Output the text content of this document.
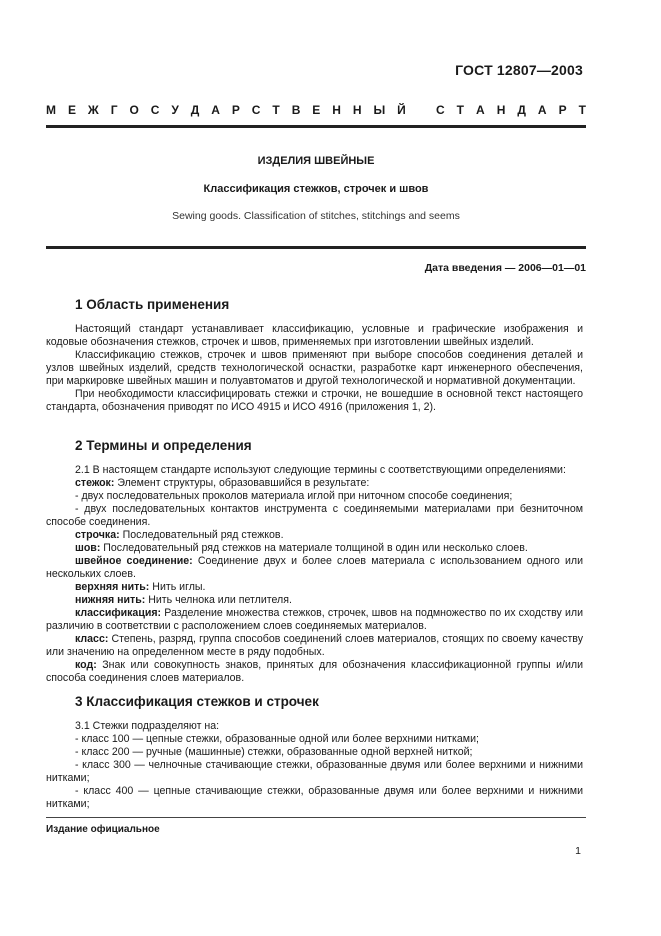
ГОСТ 12807—2003
М Е Ж Г О С У Д А Р С Т В Е Н Н Ы Й	С Т А Н Д А Р Т
ИЗДЕЛИЯ ШВЕЙНЫЕ
Классификация стежков, строчек и швов
Sewing goods. Classification of stitches, stitchings and seems
Дата введения — 2006—01—01
1 Область применения

Настоящий стандарт устанавливает классификацию, условные и графические изображения и кодовые обозначения стежков, строчек и швов, применяемых при изготовлении швейных изделий.

Классификацию стежков, строчек и швов применяют при выборе способов соединения деталей и узлов швейных изделий, средств технологической оснастки, разработке карт инженерного обеспечения, при маркировке швейных машин и полуавтоматов и другой технологической и нормативной документации.

При необходимости классифицировать стежки и строчки, не вошедшие в основной текст настоящего стандарта, обозначения приводят по ИСО 4915 и ИСО 4916 (приложения 1, 2).

2 Термины и определения

2.1 В настоящем стандарте используют следующие термины с соответствующими определениями:

стежок: Элемент структуры, образовавшийся в результате:

- двух последовательных проколов материала иглой при ниточном способе соединения;

- двух последовательных контактов инструмента с соединяемыми материалами при безниточном способе соединения.

строчка: Последовательный ряд стежков.

шов: Последовательный ряд стежков на материале толщиной в один или несколько слоев.

швейное соединение: Соединение двух и более слоев материала с использованием одного или нескольких слоев.

верхняя нить: Нить иглы.

нижняя нить: Нить челнока или петлителя.

классификация: Разделение множества стежков, строчек, швов на подмножество по их сходству или различию в соответствии с расположением слоев соединяемых материалов.

класс: Степень, разряд, группа способов соединений слоев материалов, стоящих по своему качеству или значению на определенном месте в ряду подобных.

код: Знак или совокупность знаков, принятых для обозначения классификационной группы и/или способа соединения слоев материалов.

3 Классификация стежков и строчек

3.1 Стежки подразделяют на:

- класс 100 — цепные стежки, образованные одной или более верхними нитками;

- класс 200 — ручные (машинные) стежки, образованные одной верхней ниткой;

- класс 300 — челночные стачивающие стежки, образованные двумя или более верхними и нижними нитками;

- класс 400 — цепные стачивающие стежки, образованные двумя или более верхними и нижними нитками;

Издание официальное
1
